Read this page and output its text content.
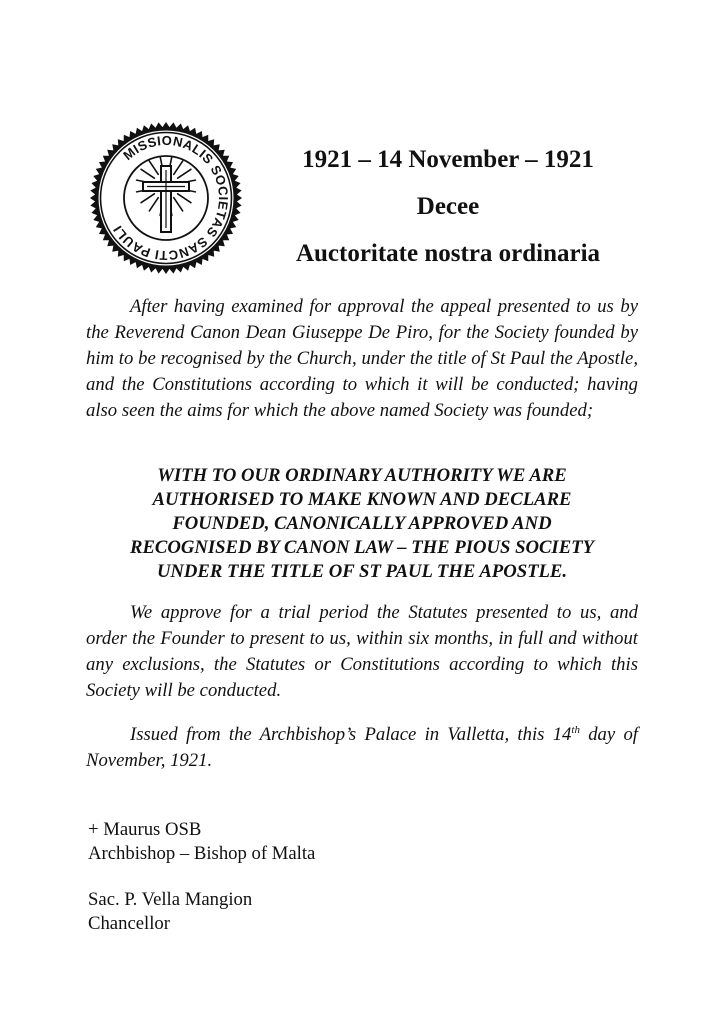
MISSIONALIS SOCIETAS SANCTI PAULI
1921 – 14 November – 1921
Decee
Auctoritate nostra ordinaria

After having examined for approval the appeal presented to us by the Reverend Canon Dean Giuseppe De Piro, for the Society founded by him to be recognised by the Church, under the title of St Paul the Apostle, and the Constitutions according to which it will be conducted; having also seen the aims for which the above named Society was founded;

WITH TO OUR ORDINARY AUTHORITY WE ARE
AUTHORISED TO MAKE KNOWN AND DECLARE
FOUNDED, CANONICALLY APPROVED AND
RECOGNISED BY CANON LAW – THE PIOUS SOCIETY
UNDER THE TITLE OF ST PAUL THE APOSTLE.

We approve for a trial period the Statutes presented to us, and order the Founder to present to us, within six months, in full and without any exclusions, the Statutes or Constitutions according to which this Society will be conducted.

Issued from the Archbishop’s Palace in Valletta, this 14th day of November, 1921.

+ Maurus OSB
Archbishop – Bishop of Malta
Sac. P. Vella Mangion
Chancellor
